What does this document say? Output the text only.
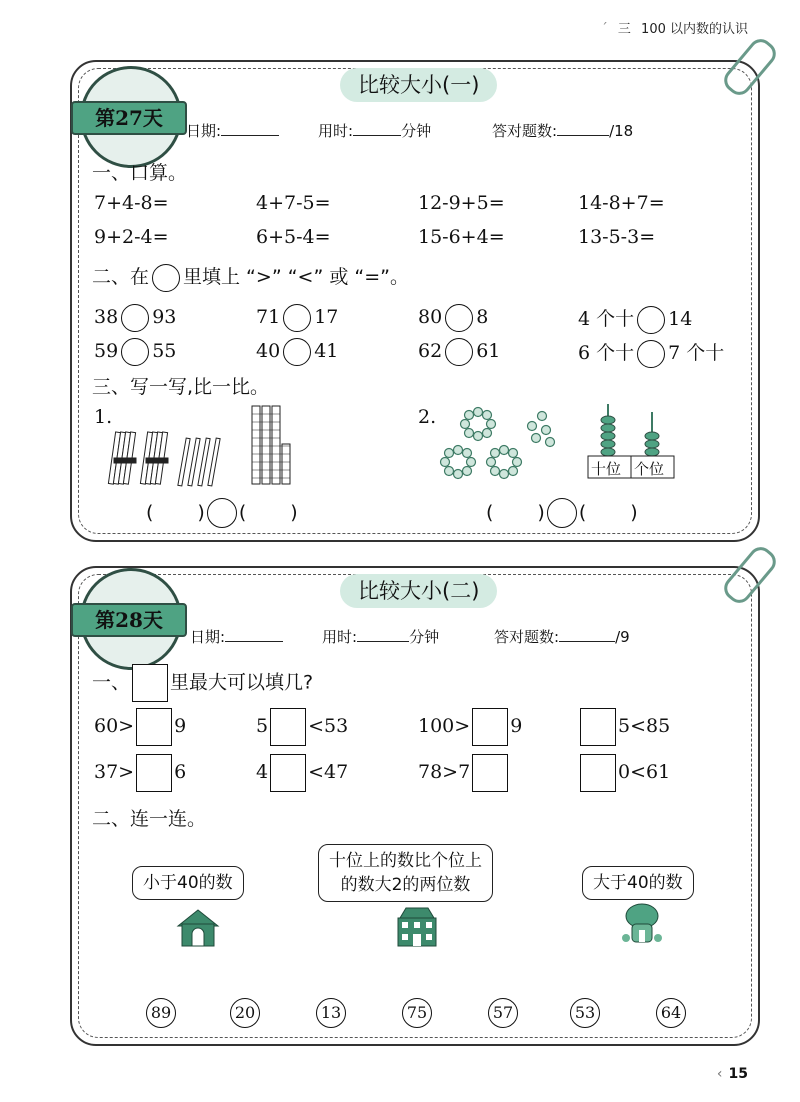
ˊ 三 100 以内数的认识
第27天
比较大小(一)
日期:	用时:	分钟	答对题数:	/18
一、口算。
7+4-8=	4+7-5=	12-9+5=	14-8+7=
9+2-4=	6+5-4=	15-6+4=	13-5-3=
二、在 里填上 “>” “<” 或 “=”。
38 93	71 17	80 8	4 个十 14
59 55	40 41	62 61	6 个十 7 个十
三、写一写,比一比。
1.	2.
十位 个位
( ) ( )	( ) ( )
第28天
比较大小(二)
日期:	用时:	分钟	答对题数:	/9
一、 里最大可以填几?
60> 9	5 <53	100> 9	5<85
37> 6	4 <47	78>7	0<61
二、连一连。
小于40的数
十位上的数比个位上
的数大2的两位数	大于40的数
89	20	13	75	57	53	64
‹ 15
